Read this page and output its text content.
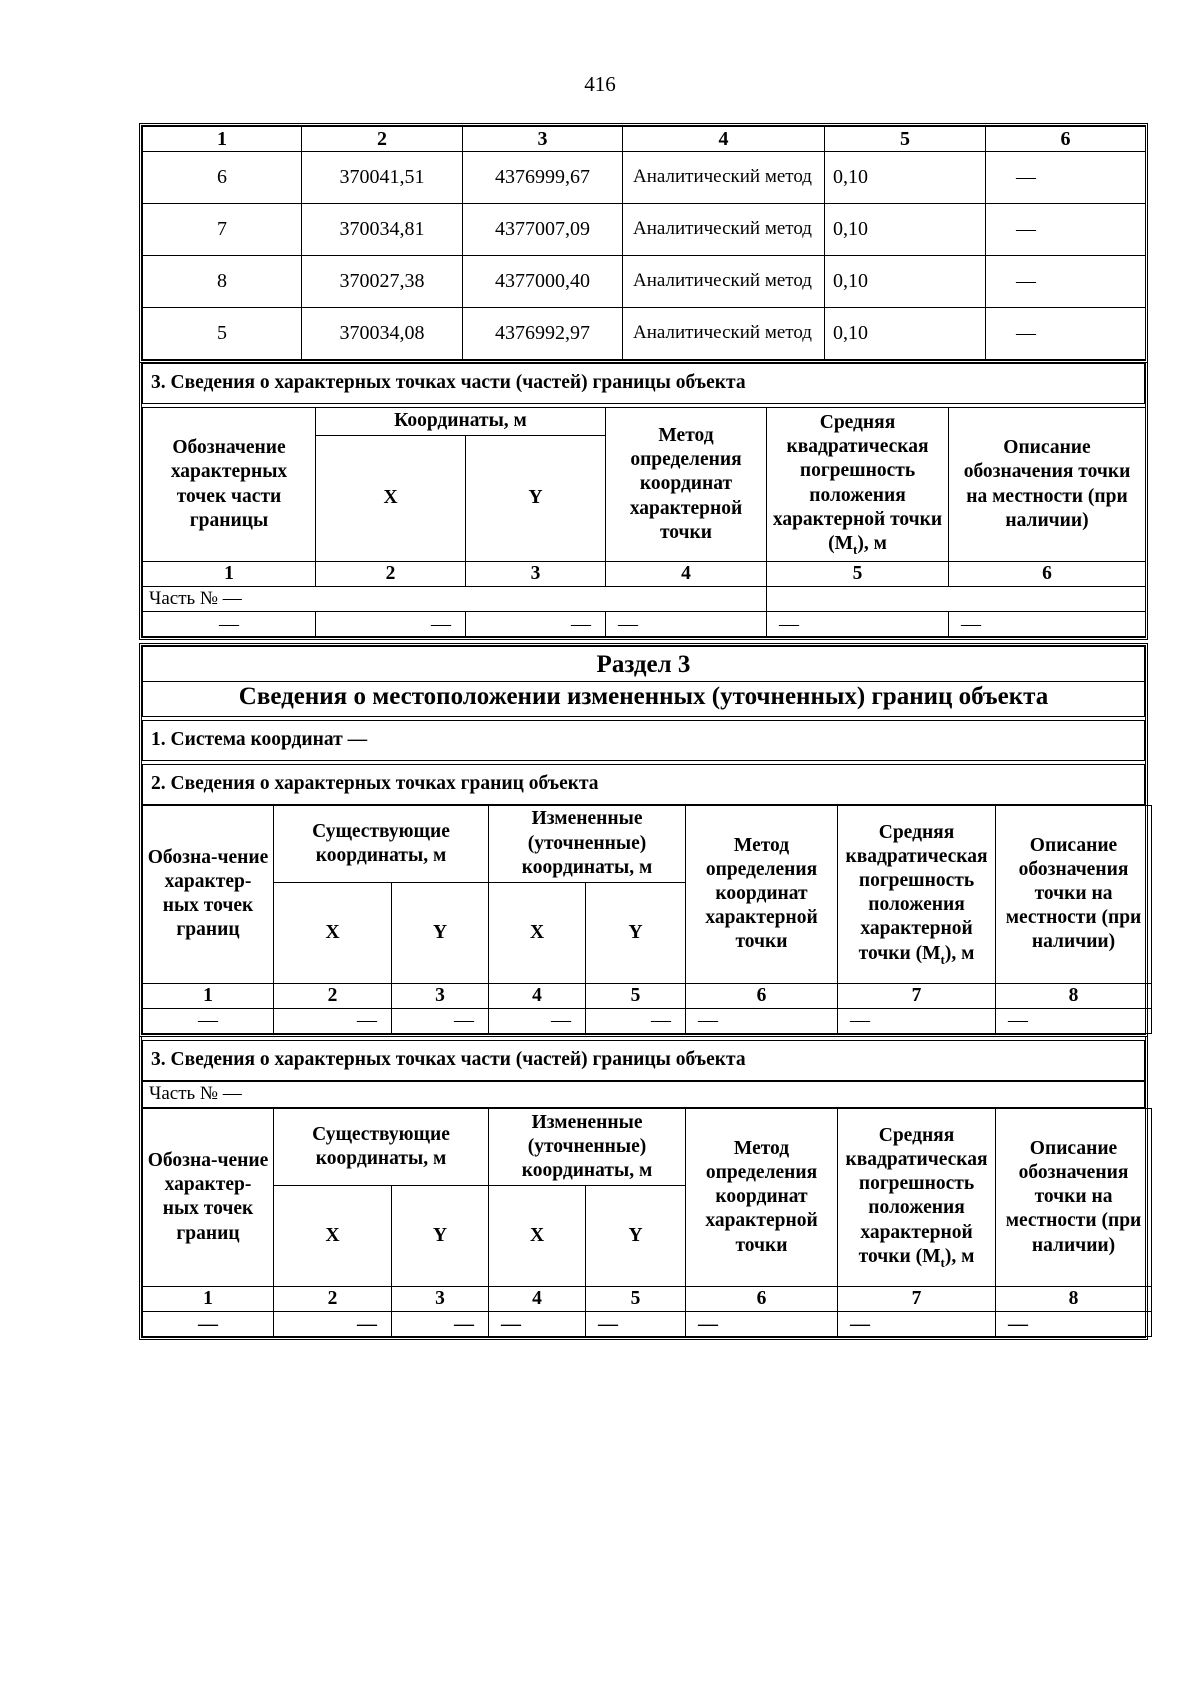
416
1	2	3	4	5	6
6	370041,51	4376999,67	Аналитический метод	0,10	—
7	370034,81	4377007,09	Аналитический метод	0,10	—
8	370027,38	4377000,40	Аналитический метод	0,10	—
5	370034,08	4376992,97	Аналитический метод	0,10	—
3. Сведения о характерных точках части (частей) границы объекта
Обозначение характерных точек части границы	Координаты, м		Метод определения координат характерной точки	Средняя квадратическая погрешность положения характерной точки $(M_t)$, м	Описание обозначения точки на местности (при наличии)
	X	Y			
1	2	3	4	5	6
Часть № —					
—	—	—	—	—	—
Раздел 3
Сведения о местоположении измененных (уточненных) границ объекта
1. Система координат —
2. Сведения о характерных точках границ объекта
Обозна-чение характер-ных точек границ	Существующие координаты, м		Измененные (уточненные) координаты, м		Метод определения координат характерной точки	Средняя квадратическая погрешность положения характерной точки $(M_t)$, м	Описание обозначения точки на местности (при наличии)
	X	Y	X	Y			
1	2	3	4	5	6	7	8
—	—	—	—	—	—	—	—
3. Сведения о характерных точках части (частей) границы объекта
Часть № —
Обозна-чение характер-ных точек границ	Существующие координаты, м		Измененные (уточненные) координаты, м		Метод определения координат характерной точки	Средняя квадратическая погрешность положения характерной точки $(M_t)$, м	Описание обозначения точки на местности (при наличии)
	X	Y	X	Y			
1	2	3	4	5	6	7	8
—	—	—	—	—	—	—	—
